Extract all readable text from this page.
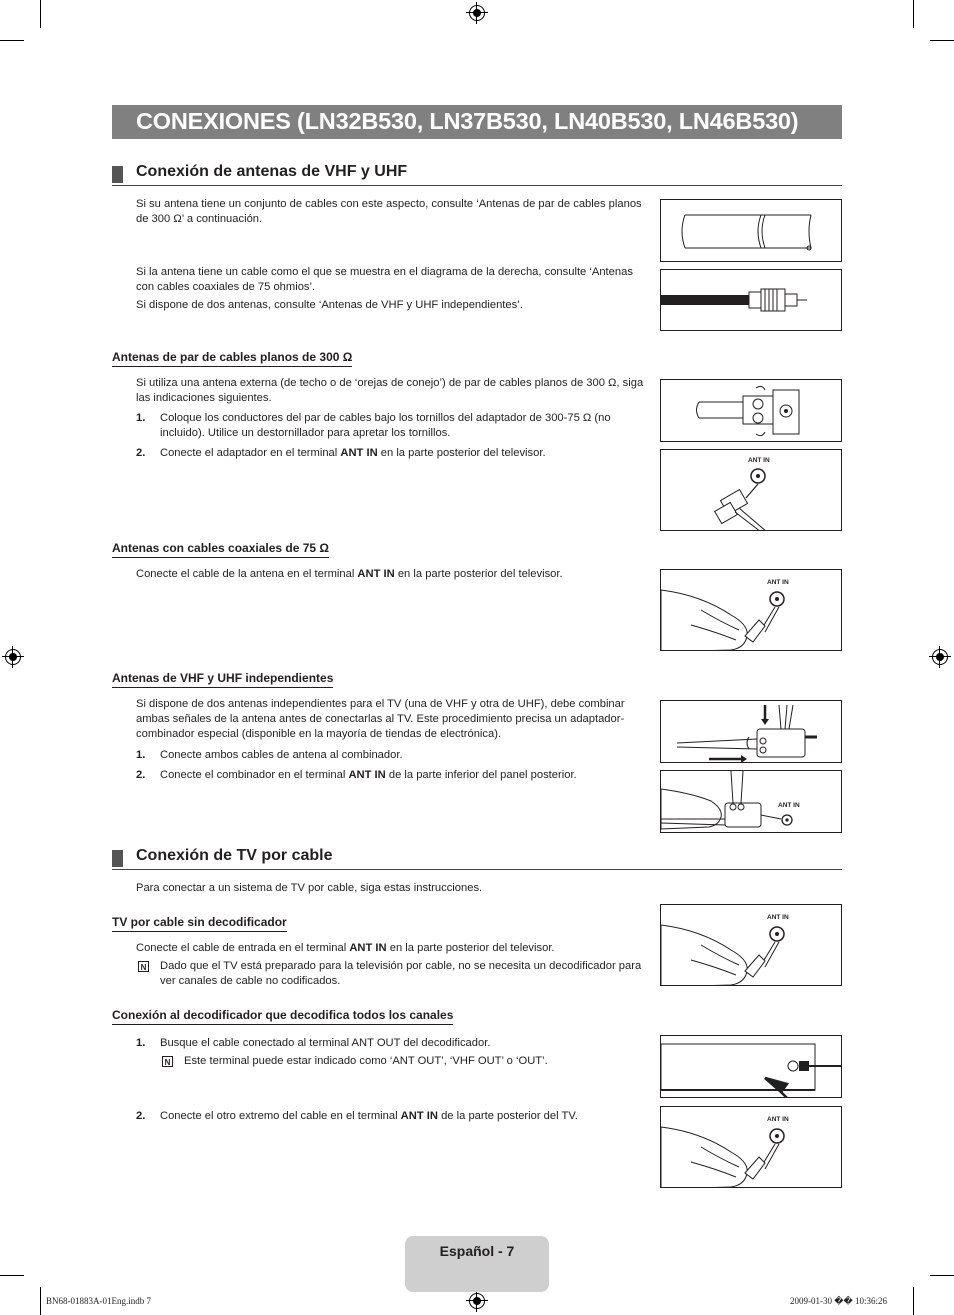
CONEXIONES (LN32B530, LN37B530, LN40B530, LN46B530)
Conexión de antenas de VHF y UHF
Si su antena tiene un conjunto de cables con este aspecto, consulte ‘Antenas de par de cables planos de 300 Ω’ a continuación.
Si la antena tiene un cable como el que se muestra en el diagrama de la derecha, consulte ‘Antenas con cables coaxiales de 75 ohmios’.
Si dispone de dos antenas, consulte ‘Antenas de VHF y UHF independientes’.
Antenas de par de cables planos de 300 Ω
Si utiliza una antena externa (de techo o de ‘orejas de conejo’) de par de cables planos de 300 Ω, siga las indicaciones siguientes.
1. Coloque los conductores del par de cables bajo los tornillos del adaptador de 300-75 Ω (no incluido). Utilice un destornillador para apretar los tornillos.
2. Conecte el adaptador en el terminal ANT IN en la parte posterior del televisor.
ANT IN
Antenas con cables coaxiales de 75 Ω
Conecte el cable de la antena en el terminal ANT IN en la parte posterior del televisor.
ANT IN
Antenas de VHF y UHF independientes
Si dispone de dos antenas independientes para el TV (una de VHF y otra de UHF), debe combinar ambas señales de la antena antes de conectarlas al TV. Este procedimiento precisa un adaptador-combinador especial (disponible en la mayoría de tiendas de electrónica).
1. Conecte ambos cables de antena al combinador.
2. Conecte el combinador en el terminal ANT IN de la parte inferior del panel posterior.
ANT IN
Conexión de TV por cable
Para conectar a un sistema de TV por cable, siga estas instrucciones.
TV por cable sin decodificador
Conecte el cable de entrada en el terminal ANT IN en la parte posterior del televisor.
N Dado que el TV está preparado para la televisión por cable, no se necesita un decodificador para ver canales de cable no codificados.
ANT IN
Conexión al decodificador que decodifica todos los canales
1. Busque el cable conectado al terminal ANT OUT del decodificador.
N Este terminal puede estar indicado como ‘ANT OUT’, ‘VHF OUT’ o ‘OUT’.
2. Conecte el otro extremo del cable en el terminal ANT IN de la parte posterior del TV.	ANT IN
Español - 7
BN68-01883A-01Eng.indb 7	2009-01-30 �� 10:36:26
